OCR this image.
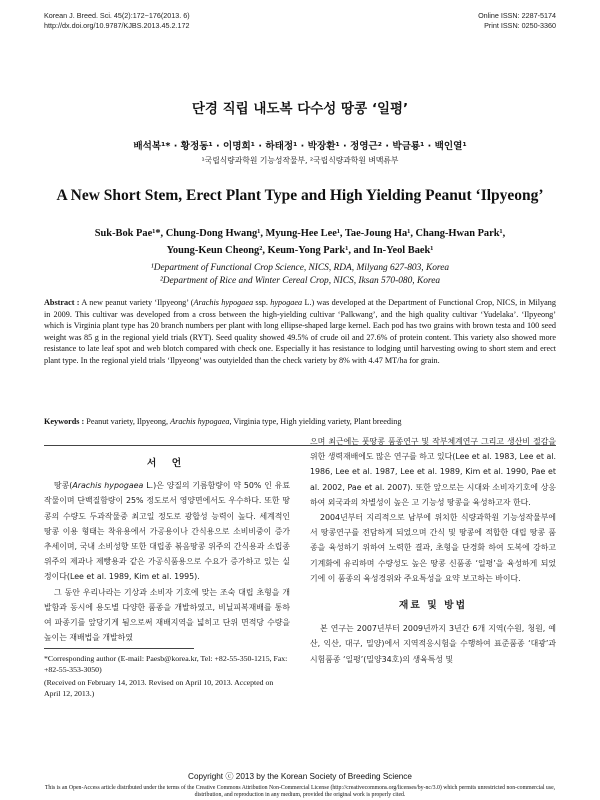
Korean J. Breed. Sci. 45(2):172~176(2013. 6)
http://dx.doi.org/10.9787/KJBS.2013.45.2.172
Online ISSN: 2287-5174
Print ISSN: 0250-3360
단경 직립 내도복 다수성 땅콩 ‘일평’
배석복¹* · 황정동¹ · 이명희¹ · 하태정¹ · 박장환¹ · 정영근² · 박금룡¹ · 백인열¹
¹국립식량과학원 기능성작물부, ²국립식량과학원 벼맥류부
A New Short Stem, Erect Plant Type and High Yielding Peanut ‘Ilpyeong’
Suk-Bok Pae¹*, Chung-Dong Hwang¹, Myung-Hee Lee¹, Tae-Joung Ha¹, Chang-Hwan Park¹,
Young-Keun Cheong², Keum-Yong Park¹, and In-Yeol Baek¹
¹Department of Functional Crop Science, NICS, RDA, Milyang 627-803, Korea
²Department of Rice and Winter Cereal Crop, NICS, Iksan 570-080, Korea
Abstract : A new peanut variety ‘Ilpyeong’ (Arachis hypogaea ssp. hypogaea L.) was developed at the Department of Functional Crop, NICS, in Milyang in 2009. This cultivar was developed from a cross between the high-yielding cultivar ‘Palkwang’, and the high quality cultivar ‘Yudelaka’. ‘Ilpyeong’ which is Virginia plant type has 20 branch numbers per plant with long ellipse-shaped large kernel. Each pod has two grains with brown testa and 100 seed weight was 85 g in the regional yield trials (RYT). Seed quality showed 49.5% of crude oil and 27.6% of protein content. This variety also showed more resistance to late leaf spot and web blotch compared with check one. Especially it has resistance to lodging until harvesting owing to short stem and erect plant type. In the regional yield trials ‘Ilpyeong’ was outyielded than the check variety by 8% with 4.47 MT/ha for grain.
Keywords : Peanut variety, Ilpyeong, Arachis hypogaea, Virginia type, High yielding variety, Plant breeding
서 언

땅콩(Arachis hypogaea L.)은 양질의 기름함량이 약 50% 인 유료작물이며 단백질함량이 25% 정도로서 영양면에서도 우수하다. 또한 땅콩의 수량도 두과작물중 최고일 정도로 광합성 능력이 높다. 세계적인 땅콩 이용 형태는 착유용에서 가공용이나 간식용으로 소비비중이 증가추세이며, 국내 소비성향 또한 대립종 볶음땅콩 위주의 간식용과 소립종 위주의 제과나 제빵용과 같은 가공식품용으로 수요가 증가하고 있는 실정이다(Lee et al. 1989, Kim et al. 1995).

그 동안 우리나라는 기상과 소비자 기호에 맞는 조숙 대립 초형을 개발함과 동시에 용도별 다양한 품종을 개발하였고, 비닐피복재배를 통하여 파종기를 앞당기게 됨으로써 재배지역을 넓히고 단위 면적당 수량을 높이는 재배법을 개발하였

*Corresponding author (E-mail: Paesb@korea.kr, Tel: +82-55-350-1215, Fax: +82-55-353-3050)
(Received on February 14, 2013. Revised on April 10, 2013. Accepted on April 12, 2013.)

으며 최근에는 풋땅콩 품종연구 및 작부체계연구 그리고 생산비 절감을 위한 생력재배에도 많은 연구를 하고 있다(Lee et al. 1983, Lee et al. 1986, Lee et al. 1987, Lee et al. 1989, Kim et al. 1990, Pae et al. 2002, Pae et al. 2007). 또한 앞으로는 시대와 소비자기호에 상응하여 외국과의 차별성이 높은 고 기능성 땅콩을 육성하고자 한다.

2004년부터 지리적으로 남부에 위치한 식량과학원 기능성작물부에서 땅콩연구를 전담하게 되었으며 간식 및 땅콩에 적합한 대립 땅콩 품종을 육성하기 위하여 노력한 결과, 초형을 단경화 하여 도복에 강하고 기계화에 유리하며 수량성도 높은 땅콩 신품종 ‘일평’을 육성하게 되었기에 이 품종의 육성경위와 주요특성을 요약 보고하는 바이다.

재료 및 방법

본 연구는 2007년부터 2009년까지 3년간 6개 지역(수원, 청원, 예산, 익산, 대구, 밀양)에서 지역적응시험을 수행하여 표준품종 ‘대광’과 시험품종 ‘일평’(밀양34호)의 생육특성 및

Copyright ⓒ 2013 by the Korean Society of Breeding Science
This is an Open-Access article distributed under the terms of the Creative Commons Attribution Non-Commercial License (http://creativecommons.org/licenses/by-nc/3.0) which permits unrestricted non-commercial use, distribution, and reproduction in any medium, provided the original work is properly cited.
